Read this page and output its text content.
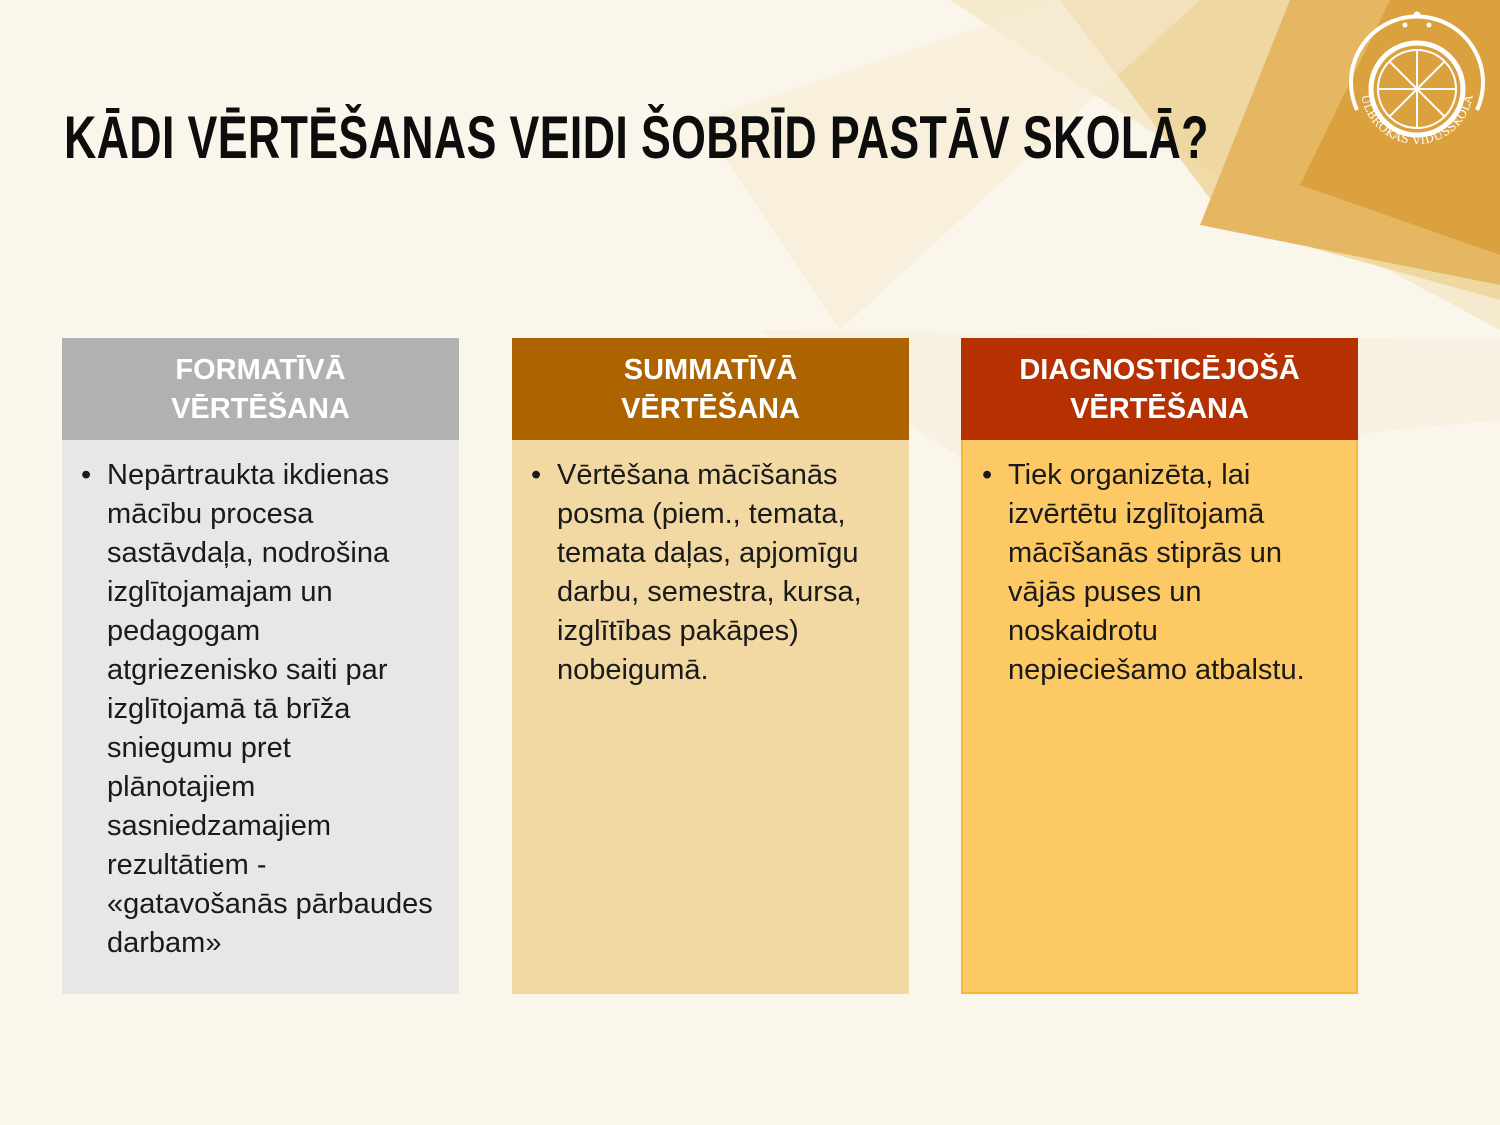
KĀDI VĒRTĒŠANAS VEIDI ŠOBRĪD PASTĀV SKOLĀ?
ULBROKAS VIDUSSKOLA
FORMATĪVĀ
VĒRTĒŠANA
• Nepārtraukta ikdienas mācību procesa sastāvdaļa, nodrošina izglītojamajam un pedagogam atgriezenisko saiti par izglītojamā tā brīža sniegumu pret plānotajiem sasniedzamajiem rezultātiem - «gatavošanās pārbaudes darbam»
SUMMATĪVĀ
VĒRTĒŠANA
• Vērtēšana mācīšanās posma (piem., temata, temata daļas, apjomīgu darbu, semestra, kursa, izglītības pakāpes) nobeigumā.
DIAGNOSTICĒJOŠĀ
VĒRTĒŠANA
• Tiek organizēta, lai izvērtētu izglītojamā mācīšanās stiprās un vājās puses un noskaidrotu nepieciešamo atbalstu.
